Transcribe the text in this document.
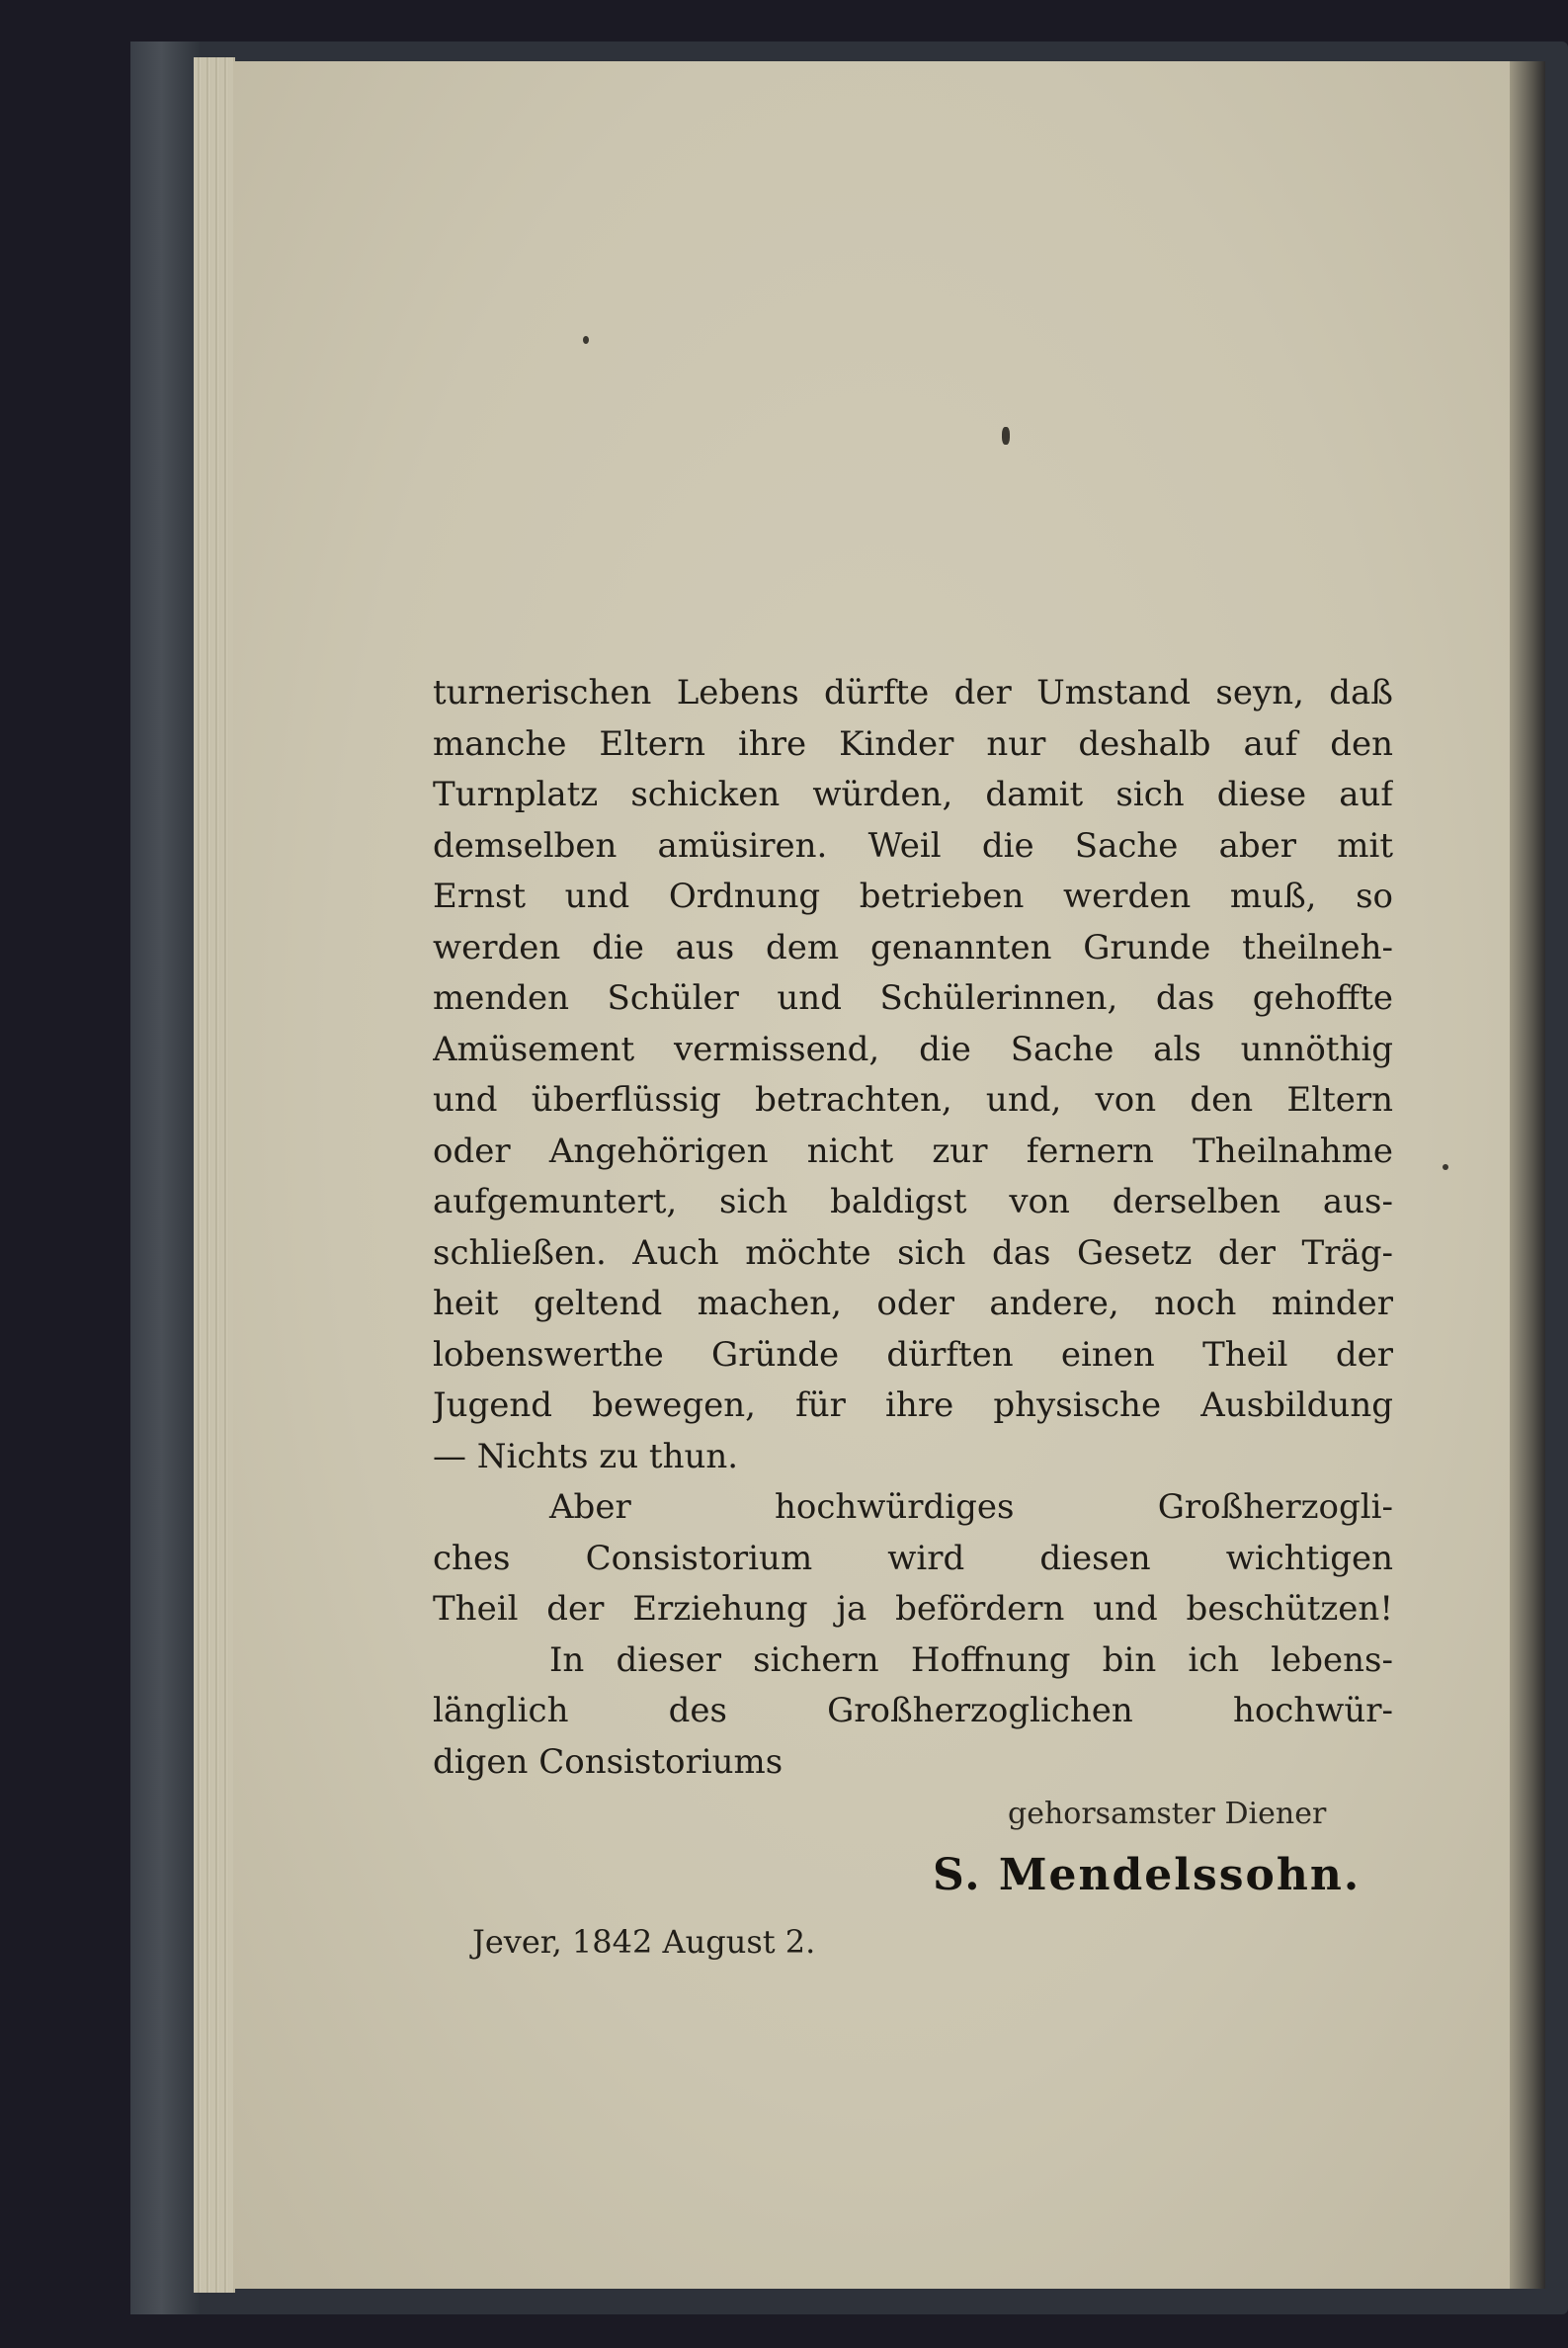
turnerischen Lebens dürfte der Umstand seyn, daß
manche Eltern ihre Kinder nur deshalb auf den
Turnplatz schicken würden, damit sich diese auf
demselben amüsiren. Weil die Sache aber mit
Ernst und Ordnung betrieben werden muß, so
werden die aus dem genannten Grunde theilneh-
menden Schüler und Schülerinnen, das gehoffte
Amüsement vermissend, die Sache als unnöthig
und überflüssig betrachten, und, von den Eltern
oder Angehörigen nicht zur fernern Theilnahme
aufgemuntert, sich baldigst von derselben aus-
schließen. Auch möchte sich das Gesetz der Träg-
heit geltend machen, oder andere, noch minder
lobenswerthe Gründe dürften einen Theil der
Jugend bewegen, für ihre physische Ausbildung
— Nichts zu thun.
Aber hochwürdiges Großherzogli-
ches Consistorium wird diesen wichtigen
Theil der Erziehung ja befördern und beschützen!
In dieser sichern Hoffnung bin ich lebens-
länglich des Großherzoglichen hochwür-
digen Consistoriums
gehorsamster Diener
S. Mendelssohn.
Jever, 1842 August 2.
